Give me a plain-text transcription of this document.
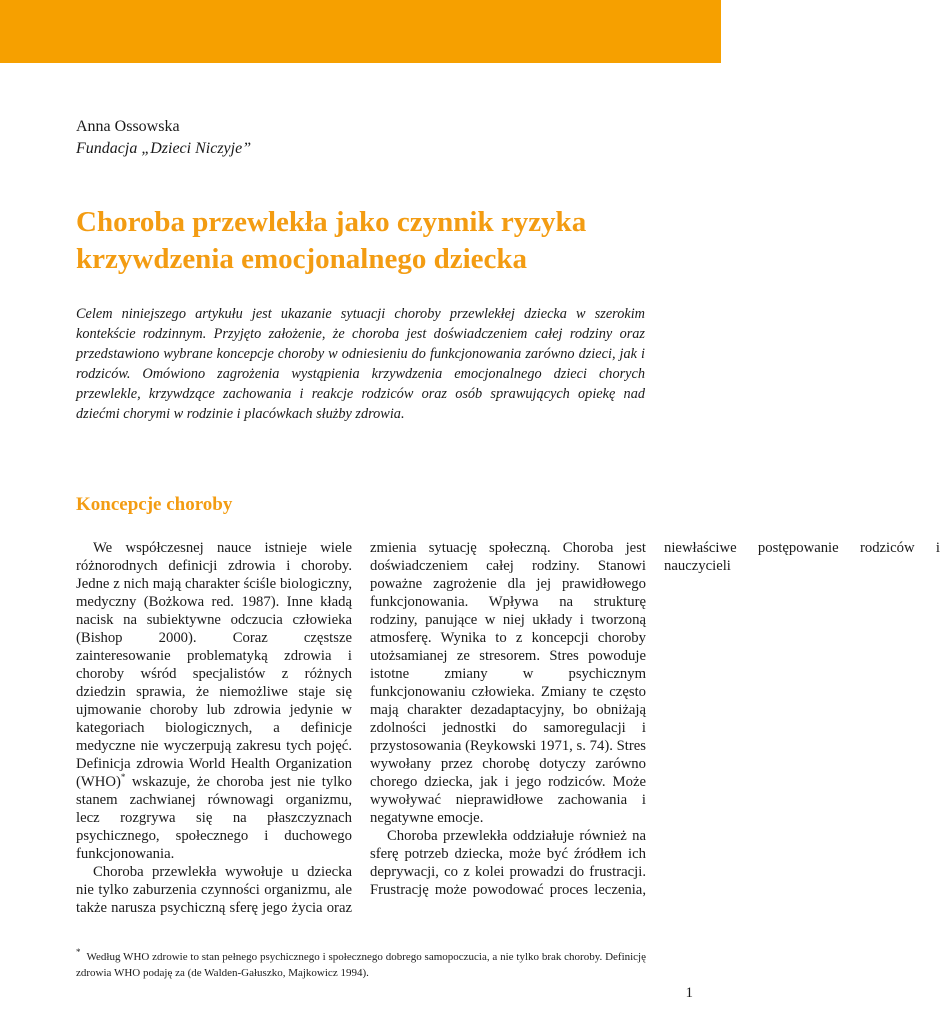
Anna Ossowska
Fundacja „Dzieci Niczyje”
Choroba przewlekła jako czynnik ryzyka krzywdzenia emocjonalnego dziecka

Celem niniejszego artykułu jest ukazanie sytuacji choroby przewlekłej dziecka w szerokim kontekście rodzinnym. Przyjęto założenie, że choroba jest doświadczeniem całej rodziny oraz przedstawiono wybrane koncepcje choroby w odniesieniu do funkcjonowania zarówno dzieci, jak i rodziców. Omówiono zagrożenia wystąpienia krzywdzenia emocjonalnego dzieci chorych przewlekle, krzywdzące zachowania i reakcje rodziców oraz osób sprawujących opiekę nad dziećmi chorymi w rodzinie i placówkach służby zdrowia.

Koncepcje choroby

We współczesnej nauce istnieje wiele różnorodnych definicji zdrowia i choroby. Jedne z nich mają charakter ściśle biologiczny, medyczny (Bożkowa red. 1987). Inne kładą nacisk na subiektywne odczucia człowieka (Bishop 2000). Coraz częstsze zainteresowanie problematyką zdrowia i choroby wśród specjalistów z różnych dziedzin sprawia, że niemożliwe staje się ujmowanie choroby lub zdrowia jedynie w kategoriach biologicznych, a definicje medyczne nie wyczerpują zakresu tych pojęć. Definicja zdrowia World Health Organization (WHO)* wskazuje, że choroba jest nie tylko stanem zachwianej równowagi organizmu, lecz rozgrywa się na płaszczyznach psychicznego, społecznego i duchowego funkcjonowania.

Choroba przewlekła wywołuje u dziecka nie tylko zaburzenia czynności organizmu, ale także narusza psychiczną sferę jego życia oraz zmienia sytuację społeczną. Choroba jest doświadczeniem całej rodziny. Stanowi poważne zagrożenie dla jej prawidłowego funkcjonowania. Wpływa na strukturę rodziny, panujące w niej układy i tworzoną atmosferę. Wynika to z koncepcji choroby utożsamianej ze stresorem. Stres powoduje istotne zmiany w psychicznym funkcjonowaniu człowieka. Zmiany te często mają charakter dezadaptacyjny, bo obniżają zdolności jednostki do samoregulacji i przystosowania (Reykowski 1971, s. 74). Stres wywołany przez chorobę dotyczy zarówno chorego dziecka, jak i jego rodziców. Może wywoływać nieprawidłowe zachowania i negatywne emocje.

Choroba przewlekła oddziałuje również na sferę potrzeb dziecka, może być źródłem ich deprywacji, co z kolei prowadzi do frustracji. Frustrację może powodować proces leczenia, niewłaściwe postępowanie rodziców i nauczycieli

* Według WHO zdrowie to stan pełnego psychicznego i społecznego dobrego samopoczucia, a nie tylko brak choroby. Definicję zdrowia WHO podaję za (de Walden-Gałuszko, Majkowicz 1994).
1
